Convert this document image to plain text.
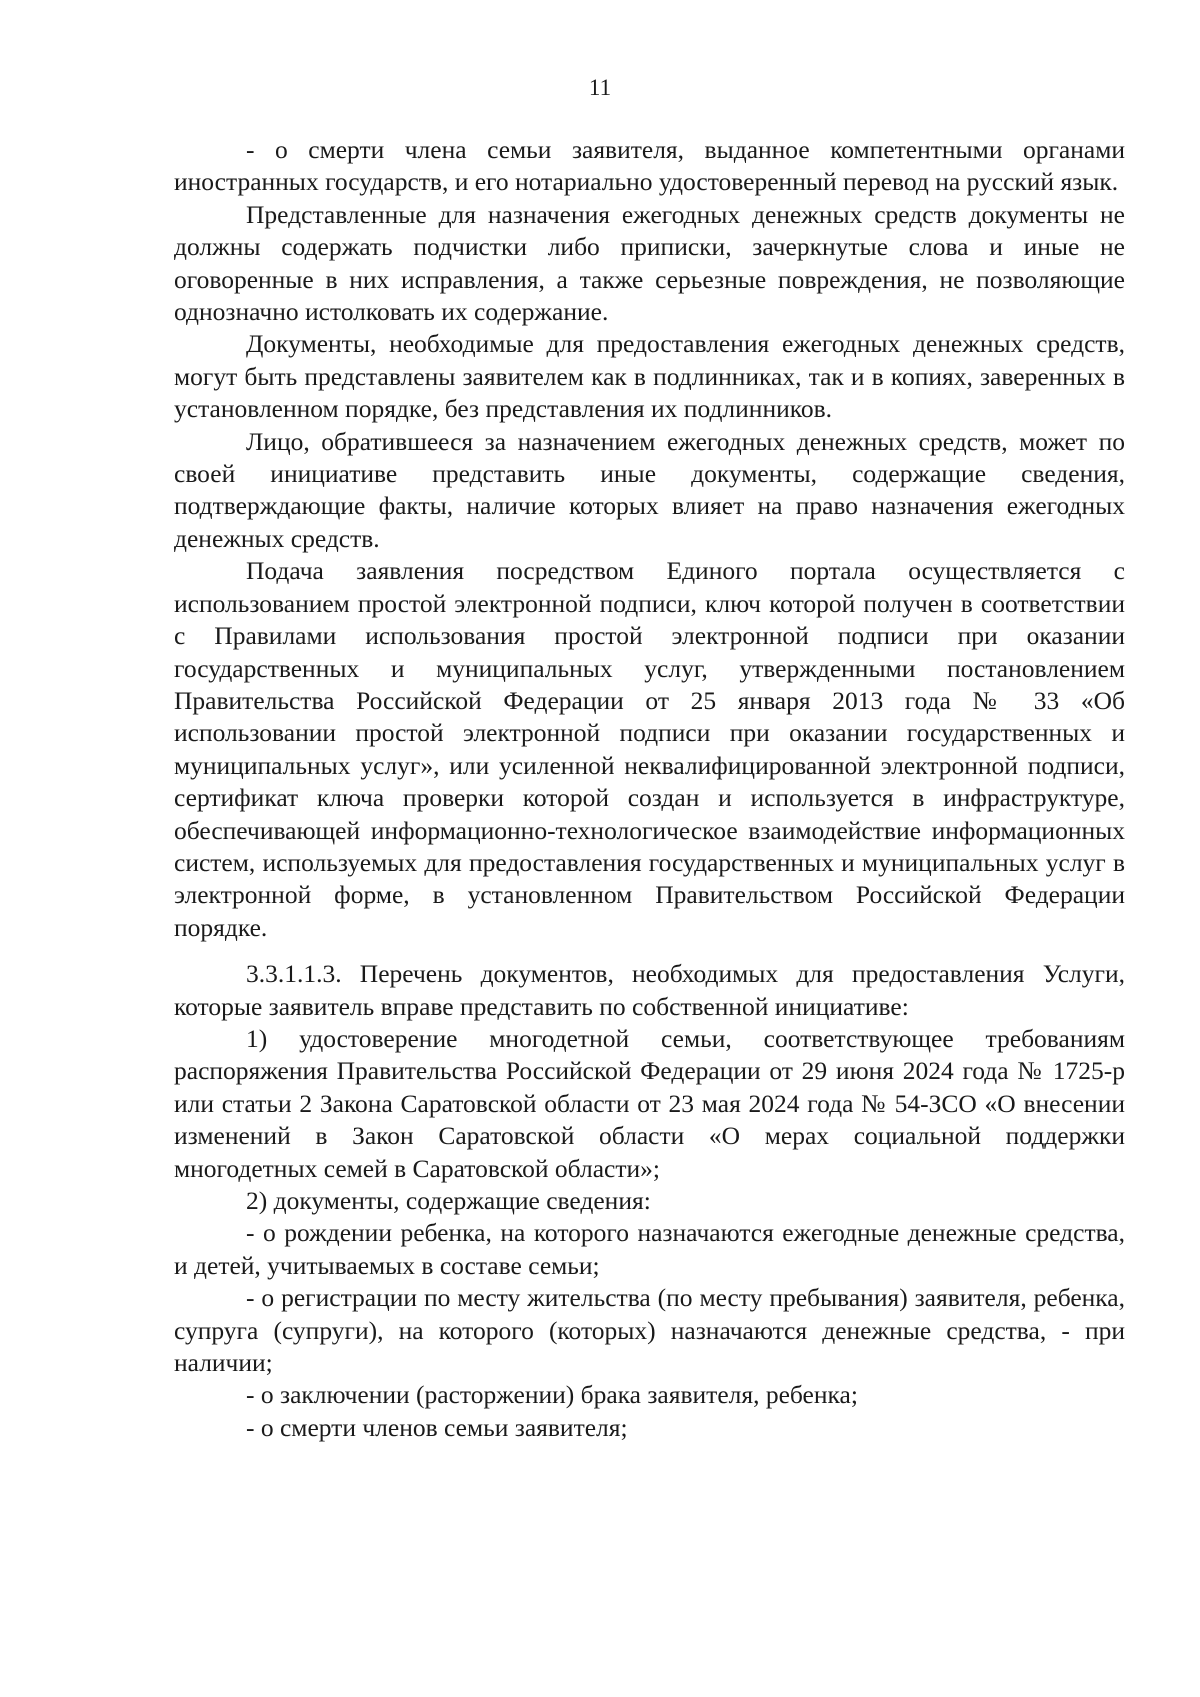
11

- о смерти члена семьи заявителя, выданное компетентными органами иностранных государств, и его нотариально удостоверенный перевод на русский язык.

Представленные для назначения ежегодных денежных средств документы не должны содержать подчистки либо приписки, зачеркнутые слова и иные не оговоренные в них исправления, а также серьезные повреждения, не позволяющие однозначно истолковать их содержание.

Документы, необходимые для предоставления ежегодных денежных средств, могут быть представлены заявителем как в подлинниках, так и в копиях, заверенных в установленном порядке, без представления их подлинников.

Лицо, обратившееся за назначением ежегодных денежных средств, может по своей инициативе представить иные документы, содержащие сведения, подтверждающие факты, наличие которых влияет на право назначения ежегодных денежных средств.

Подача заявления посредством Единого портала осуществляется с использованием простой электронной подписи, ключ которой получен в соответствии с Правилами использования простой электронной подписи при оказании государственных и муниципальных услуг, утвержденными постановлением Правительства Российской Федерации от 25 января 2013 года № 33 «Об использовании простой электронной подписи при оказании государственных и муниципальных услуг», или усиленной неквалифицированной электронной подписи, сертификат ключа проверки которой создан и используется в инфраструктуре, обеспечивающей информационно-технологическое взаимодействие информационных систем, используемых для предоставления государственных и муниципальных услуг в электронной форме, в установленном Правительством Российской Федерации порядке.

3.3.1.1.3. Перечень документов, необходимых для предоставления Услуги, которые заявитель вправе представить по собственной инициативе:

1) удостоверение многодетной семьи, соответствующее требованиям распоряжения Правительства Российской Федерации от 29 июня 2024 года № 1725-р или статьи 2 Закона Саратовской области от 23 мая 2024 года № 54-ЗСО «О внесении изменений в Закон Саратовской области «О мерах социальной поддержки многодетных семей в Саратовской области»;

2) документы, содержащие сведения:

- о рождении ребенка, на которого назначаются ежегодные денежные средства, и детей, учитываемых в составе семьи;

- о регистрации по месту жительства (по месту пребывания) заявителя, ребенка, супруга (супруги), на которого (которых) назначаются денежные средства, - при наличии;

- о заключении (расторжении) брака заявителя, ребенка;

- о смерти членов семьи заявителя;
